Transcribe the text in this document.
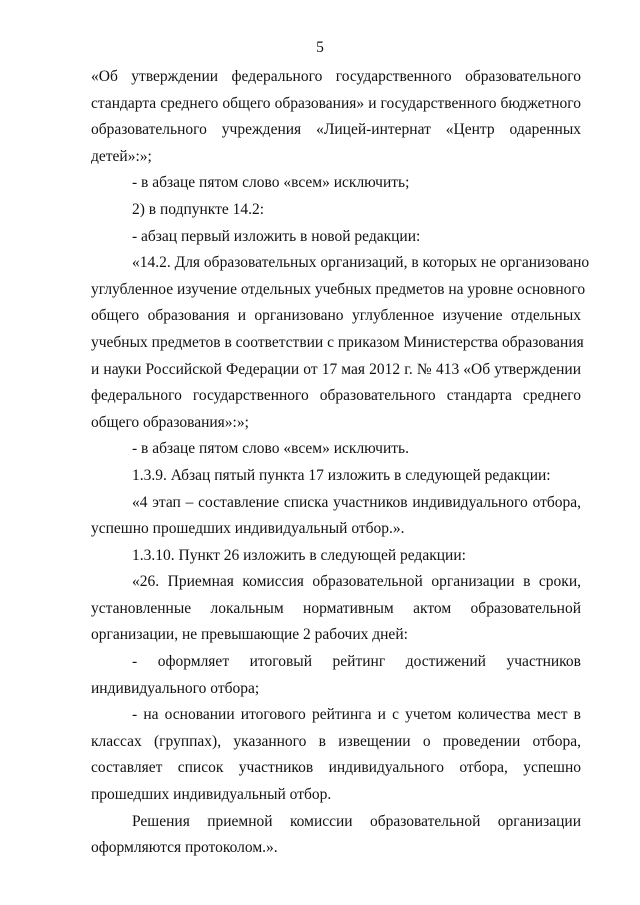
5
«Об утверждении федерального государственного образовательного
стандарта среднего общего образования» и государственного бюджетного
образовательного учреждения «Лицей-интернат «Центр одаренных
детей»:»;
- в абзаце пятом слово «всем» исключить;
2) в подпункте 14.2:
- абзац первый изложить в новой редакции:
«14.2. Для образовательных организаций, в которых не организовано
углубленное изучение отдельных учебных предметов на уровне основного
общего образования и организовано углубленное изучение отдельных
учебных предметов в соответствии с приказом Министерства образования
и науки Российской Федерации от 17 мая 2012 г. № 413 «Об утверждении
федерального государственного образовательного стандарта среднего
общего образования»:»;
- в абзаце пятом слово «всем» исключить.
1.3.9. Абзац пятый пункта 17 изложить в следующей редакции:
«4 этап – составление списка участников индивидуального отбора,
успешно прошедших индивидуальный отбор.».
1.3.10. Пункт 26 изложить в следующей редакции:
«26. Приемная комиссия образовательной организации в сроки,
установленные локальным нормативным актом образовательной
организации, не превышающие 2 рабочих дней:
- оформляет итоговый рейтинг достижений участников
индивидуального отбора;
- на основании итогового рейтинга и с учетом количества мест в
классах (группах), указанного в извещении о проведении отбора,
составляет список участников индивидуального отбора, успешно
прошедших индивидуальный отбор.
Решения приемной комиссии образовательной организации
оформляются протоколом.».
